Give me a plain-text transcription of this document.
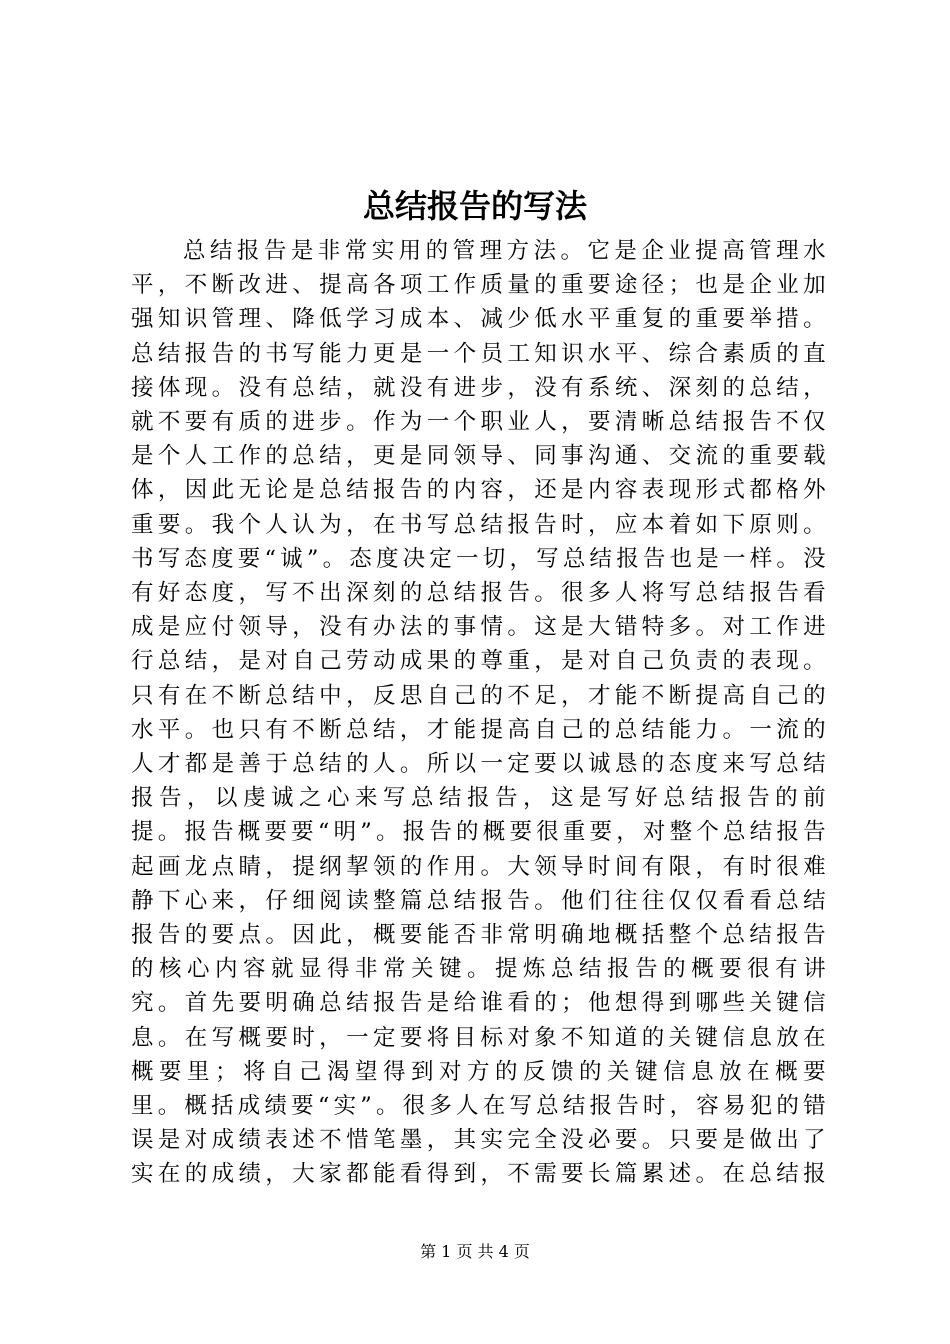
总结报告的写法

总结报告是非常实用的管理方法。它是企业提高管理水平，不断改进、提高各项工作质量的重要途径；也是企业加强知识管理、降低学习成本、减少低水平重复的重要举措。总结报告的书写能力更是一个员工知识水平、综合素质的直接体现。没有总结，就没有进步，没有系统、深刻的总结，就不要有质的进步。作为一个职业人，要清晰总结报告不仅是个人工作的总结，更是同领导、同事沟通、交流的重要载体，因此无论是总结报告的内容，还是内容表现形式都格外重要。我个人认为，在书写总结报告时，应本着如下原则。书写态度要“诚”。态度决定一切，写总结报告也是一样。没有好态度，写不出深刻的总结报告。很多人将写总结报告看成是应付领导，没有办法的事情。这是大错特多。对工作进行总结，是对自己劳动成果的尊重，是对自己负责的表现。只有在不断总结中，反思自己的不足，才能不断提高自己的水平。也只有不断总结，才能提高自己的总结能力。一流的人才都是善于总结的人。所以一定要以诚恳的态度来写总结报告，以虔诚之心来写总结报告，这是写好总结报告的前提。报告概要要“明”。报告的概要很重要，对整个总结报告起画龙点睛，提纲挈领的作用。大领导时间有限，有时很难静下心来，仔细阅读整篇总结报告。他们往往仅仅看看总结报告的要点。因此，概要能否非常明确地概括整个总结报告的核心内容就显得非常关键。提炼总结报告的概要很有讲究。首先要明确总结报告是给谁看的；他想得到哪些关键信息。在写概要时，一定要将目标对象不知道的关键信息放在概要里；将自己渴望得到对方的反馈的关键信息放在概要里。概括成绩要“实”。很多人在写总结报告时，容易犯的错误是对成绩表述不惜笔墨，其实完全没必要。只要是做出了实在的成绩，大家都能看得到，不需要长篇累述。在总结报

第 1 页 共 4 页
